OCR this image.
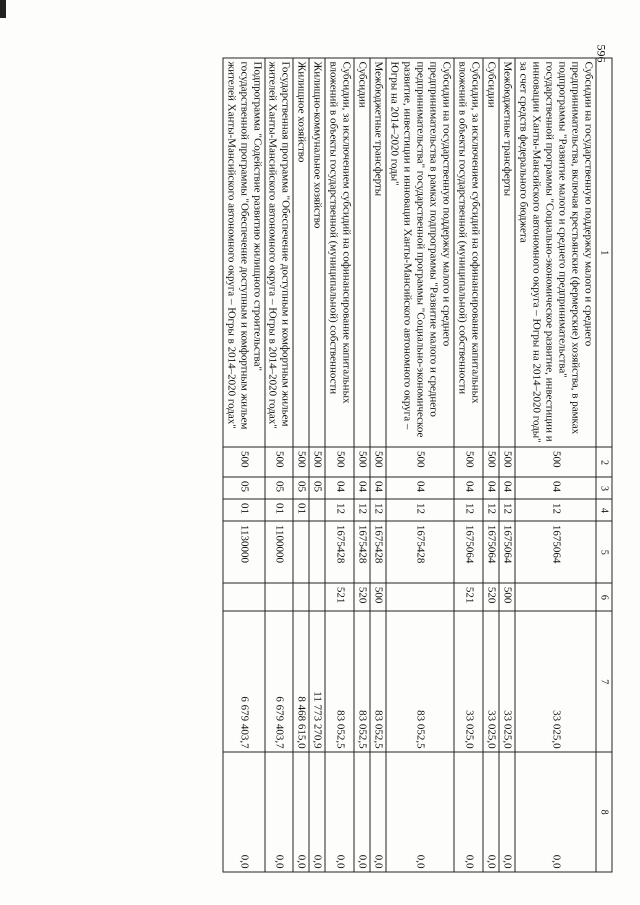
596
1	2	3	4	5	6	7	8
Субсидии на государственную поддержку малого и среднего предпринимательства, включая крестьянские (фермерские) хозяйства, в рамках подпрограммы "Развитие малого и среднего предпринимательства" государственной программы "Социально-экономическое развитие, инвестиции и инновации Ханты-Мансийского автономного округа – Югры на 2014–2020 годы" за счет средств федерального бюджета	500	04	12	1675064		33 025,0	0,0
Межбюджетные трансферты	500	04	12	1675064	500	33 025,0	0,0
Субсидии	500	04	12	1675064	520	33 025,0	0,0
Субсидии, за исключением субсидий на софинансирование капитальных вложений в объекты государственной (муниципальной) собственности	500	04	12	1675064	521	33 025,0	0,0
Субсидии на государственную поддержку малого и среднего предпринимательства в рамках подпрограммы "Развитие малого и среднего предпринимательства" государственной программы "Социально-экономическое развитие, инвестиции и инновации Ханты-Мансийского автономного округа – Югры на 2014–2020 годы"	500	04	12	1675428		83 052,5	0,0
Межбюджетные трансферты	500	04	12	1675428	500	83 052,5	0,0
Субсидии	500	04	12	1675428	520	83 052,5	0,0
Субсидии, за исключением субсидий на софинансирование капитальных вложений в объекты государственной (муниципальной) собственности	500	04	12	1675428	521	83 052,5	0,0
Жилищно-коммунальное хозяйство	500	05				11 773 270,9	0,0
Жилищное хозяйство	500	05	01			8 468 615,0	0,0
Государственная программа "Обеспечение доступным и комфортным жильем жителей Ханты-Мансийского автономного округа – Югры в 2014–2020 годах"	500	05	01	1100000		6 679 403,7	0,0
Подпрограмма "Содействие развитию жилищного строительства" государственной программы "Обеспечение доступным и комфортным жильем жителей Ханты-Мансийского автономного округа – Югры в 2014–2020 годах"	500	05	01	1130000		6 679 403,7	0,0
